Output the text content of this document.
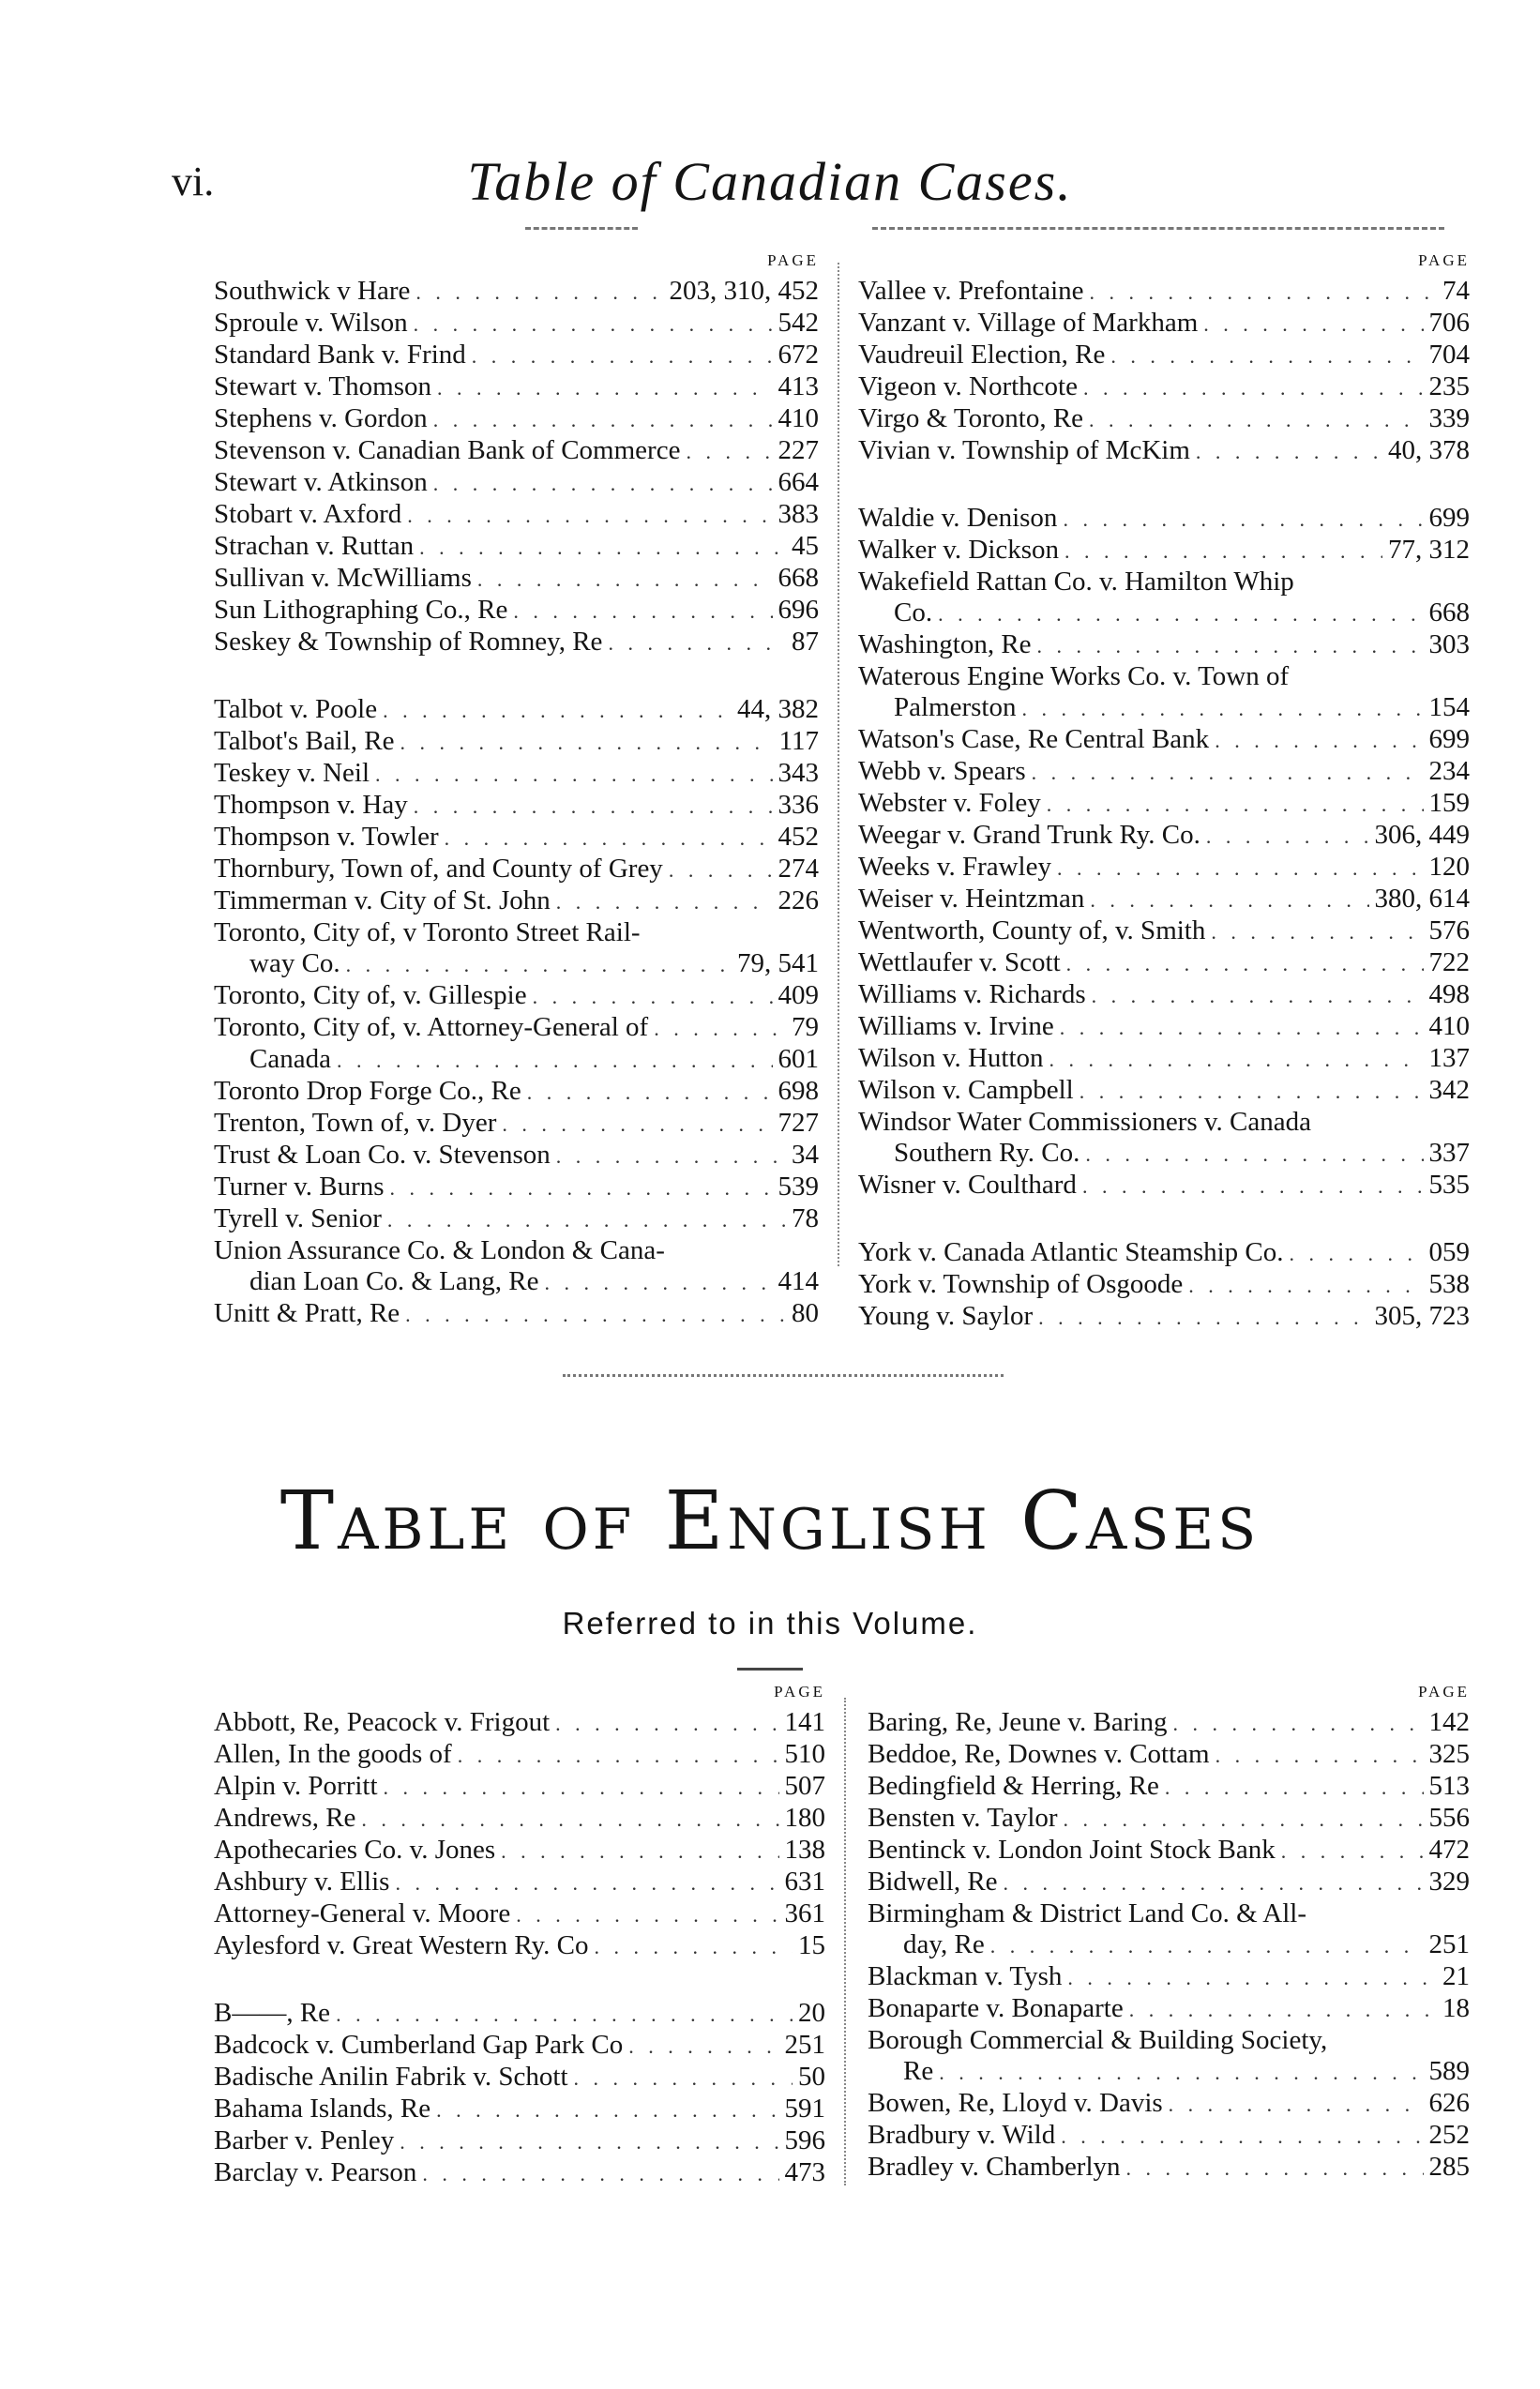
vi.	Table of Canadian Cases.
PAGE
Southwick v Hare . . .	203, 310, 452
Sproule v. Wilson . . .	542
Standard Bank v. Frind . . .	672
Stewart v. Thomson . . .	413
Stephens v. Gordon . . .	410
Stevenson v. Canadian Bank of Commerce . . .	227
Stewart v. Atkinson . . .	664
Stobart v. Axford . . .	383
Strachan v. Ruttan . . .	45
Sullivan v. McWilliams . . .	668
Sun Lithographing Co., Re . . .	696
Seskey & Township of Romney, Re . . .	87
Talbot v. Poole . . .	44, 382
Talbot's Bail, Re . . .	117
Teskey v. Neil . . .	343
Thompson v. Hay . . .	336
Thompson v. Towler . . .	452
Thornbury, Town of, and County of Grey . . .	274
Timmerman v. City of St. John . . .	226
Toronto, City of, v Toronto Street Rail-
way Co. . . .	79, 541
Toronto, City of, v. Gillespie . . .	409
Toronto, City of, v. Attorney-General of . . .	79
Canada . . .	601
Toronto Drop Forge Co., Re . . .	698
Trenton, Town of, v. Dyer . . .	727
Trust & Loan Co. v. Stevenson . . .	34
Turner v. Burns . . .	539
Tyrell v. Senior . . .	78
Union Assurance Co. & London & Cana-
dian Loan Co. & Lang, Re . . .	414
Unitt & Pratt, Re . . .	80
PAGE
Vallee v. Prefontaine . . .	74
Vanzant v. Village of Markham . . .	706
Vaudreuil Election, Re . . .	704
Vigeon v. Northcote . . .	235
Virgo & Toronto, Re . . .	339
Vivian v. Township of McKim . . .	40, 378
Waldie v. Denison . . .	699
Walker v. Dickson . . .	77, 312
Wakefield Rattan Co. v. Hamilton Whip
Co. . . .	668
Washington, Re . . .	303
Waterous Engine Works Co. v. Town of
Palmerston . . .	154
Watson's Case, Re Central Bank . . .	699
Webb v. Spears . . .	234
Webster v. Foley . . .	159
Weegar v. Grand Trunk Ry. Co. . . .	306, 449
Weeks v. Frawley . . .	120
Weiser v. Heintzman . . .	380, 614
Wentworth, County of, v. Smith . . .	576
Wettlaufer v. Scott . . .	722
Williams v. Richards . . .	498
Williams v. Irvine . . .	410
Wilson v. Hutton . . .	137
Wilson v. Campbell . . .	342
Windsor Water Commissioners v. Canada
Southern Ry. Co. . . .	337
Wisner v. Coulthard . . .	535
York v. Canada Atlantic Steamship Co. . . .	059
York v. Township of Osgoode . . .	538
Young v. Saylor . . .	305, 723
Table of English Cases
Referred to in this Volume.
PAGE
Abbott, Re, Peacock v. Frigout . . .	141
Allen, In the goods of . . .	510
Alpin v. Porritt . . .	507
Andrews, Re . . .	180
Apothecaries Co. v. Jones . . .	138
Ashbury v. Ellis . . .	631
Attorney-General v. Moore . . .	361
Aylesford v. Great Western Ry. Co . . .	15
B——, Re . . .	20
Badcock v. Cumberland Gap Park Co . . .	251
Badische Anilin Fabrik v. Schott . . .	50
Bahama Islands, Re . . .	591
Barber v. Penley . . .	596
Barclay v. Pearson . . .	473
PAGE
Baring, Re, Jeune v. Baring . . .	142
Beddoe, Re, Downes v. Cottam . . .	325
Bedingfield & Herring, Re . . .	513
Bensten v. Taylor . . .	556
Bentinck v. London Joint Stock Bank . . .	472
Bidwell, Re . . .	329
Birmingham & District Land Co. & All-
day, Re . . .	251
Blackman v. Tysh . . .	21
Bonaparte v. Bonaparte . . .	18
Borough Commercial & Building Society,
Re . . .	589
Bowen, Re, Lloyd v. Davis . . .	626
Bradbury v. Wild . . .	252
Bradley v. Chamberlyn . . .	285
